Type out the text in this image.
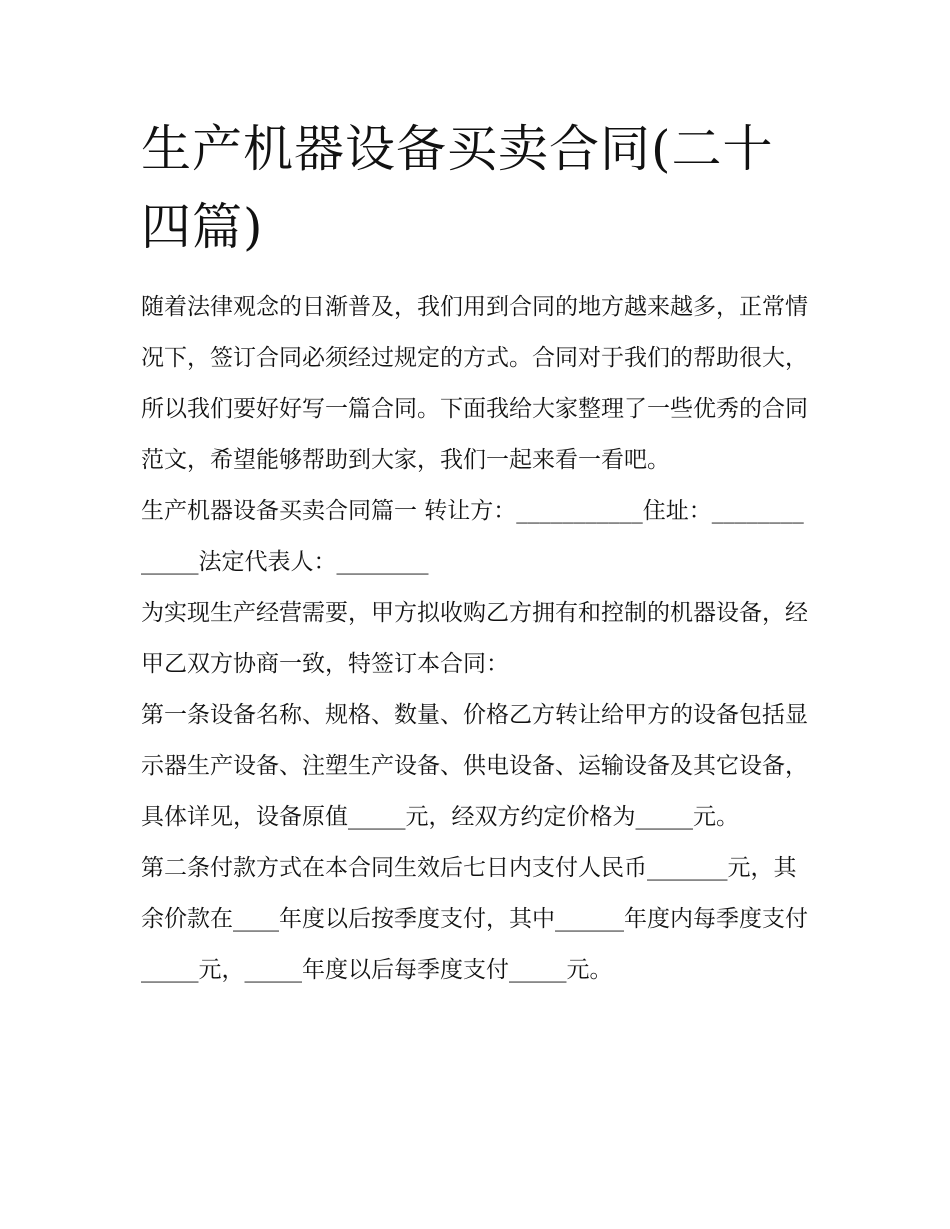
生产机器设备买卖合同(二十四篇)

随着法律观念的日渐普及，我们用到合同的地方越来越多，正常情况下，签订合同必须经过规定的方式。合同对于我们的帮助很大，所以我们要好好写一篇合同。下面我给大家整理了一些优秀的合同范文，希望能够帮助到大家，我们一起来看一看吧。

生产机器设备买卖合同篇一 转让方：___________住址：_____________法定代表人：________

为实现生产经营需要，甲方拟收购乙方拥有和控制的机器设备，经甲乙双方协商一致，特签订本合同：

第一条设备名称、规格、数量、价格乙方转让给甲方的设备包括显示器生产设备、注塑生产设备、供电设备、运输设备及其它设备，具体详见，设备原值_____元，经双方约定价格为_____元。

第二条付款方式在本合同生效后七日内支付人民币_______元，其余价款在____年度以后按季度支付，其中______年度内每季度支付_____元，_____年度以后每季度支付_____元。
